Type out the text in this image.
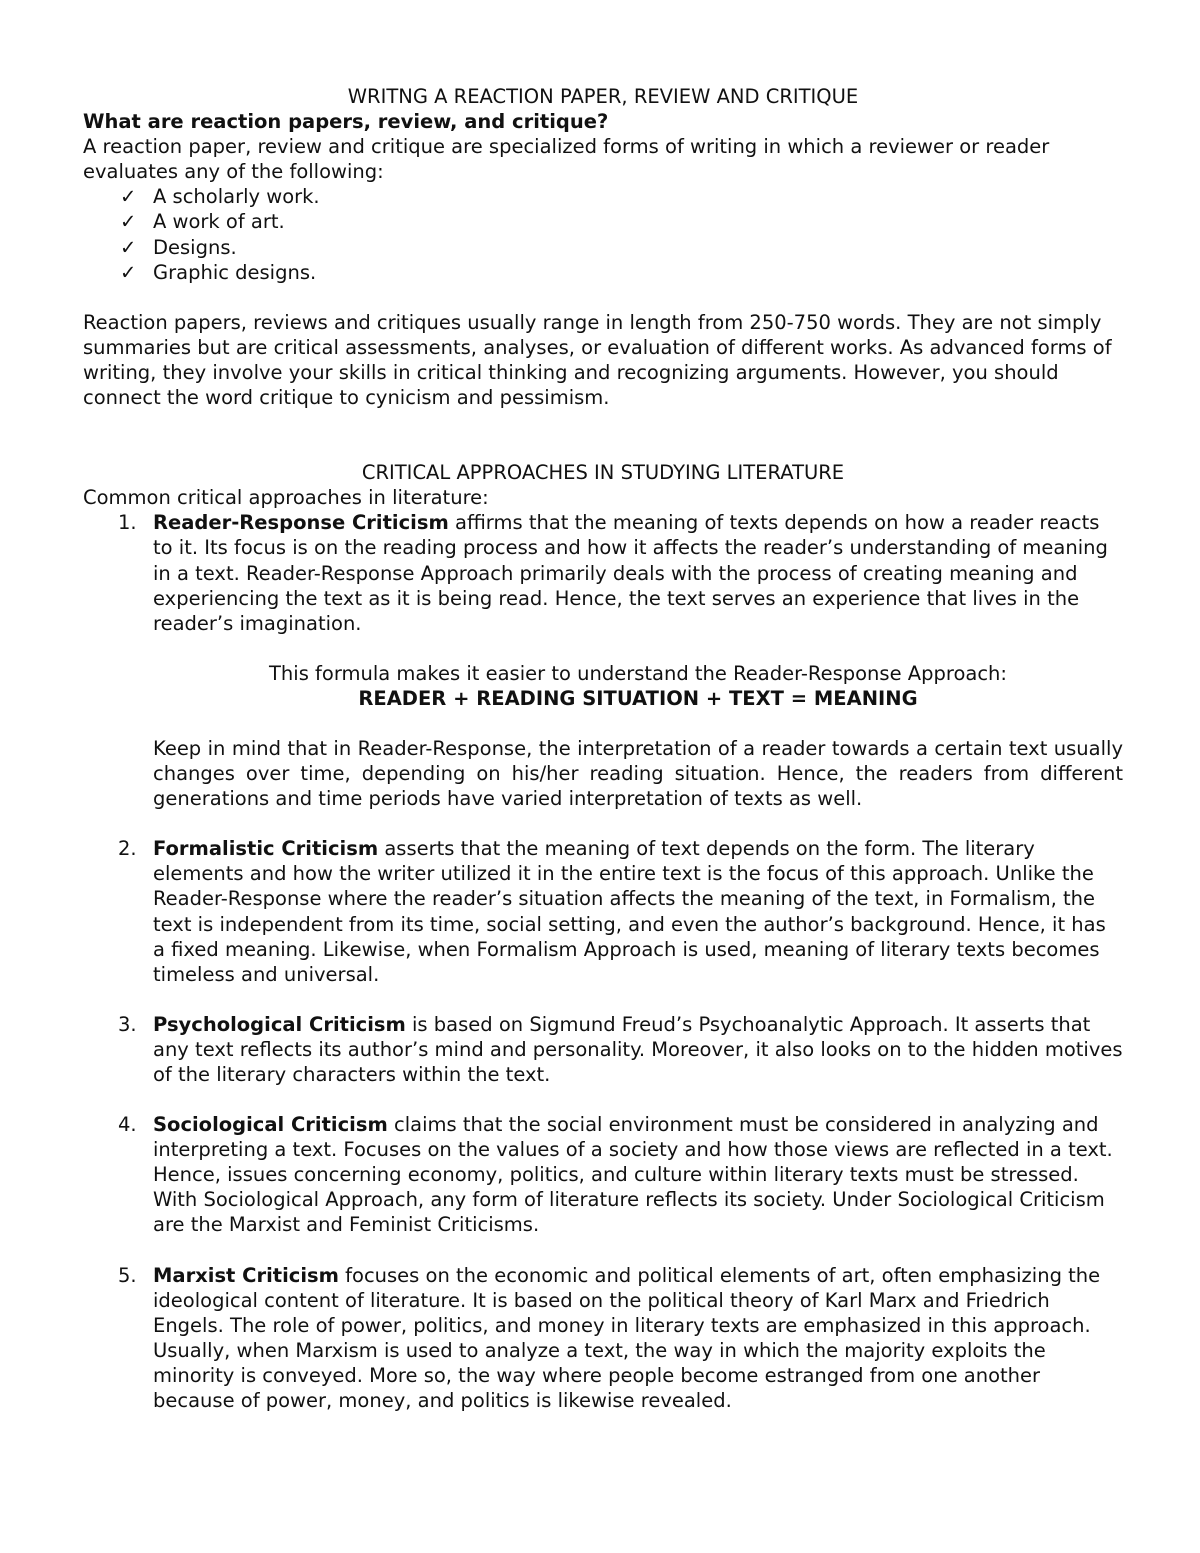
WRITNG A REACTION PAPER, REVIEW AND CRITIQUE

What are reaction papers, review, and critique?

A reaction paper, review and critique are specialized forms of writing in which a reviewer or reader evaluates any of the following:

✓ A scholarly work.
✓ A work of art.
✓ Designs.
✓ Graphic designs.

Reaction papers, reviews and critiques usually range in length from 250-750 words. They are not simply summaries but are critical assessments, analyses, or evaluation of different works. As advanced forms of writing, they involve your skills in critical thinking and recognizing arguments. However, you should connect the word critique to cynicism and pessimism.

CRITICAL APPROACHES IN STUDYING LITERATURE

Common critical approaches in literature:

1. Reader-Response Criticism affirms that the meaning of texts depends on how a reader reacts to it. Its focus is on the reading process and how it affects the reader’s understanding of meaning in a text. Reader-Response Approach primarily deals with the process of creating meaning and experiencing the text as it is being read. Hence, the text serves an experience that lives in the reader’s imagination.

This formula makes it easier to understand the Reader-Response Approach:

READER + READING SITUATION + TEXT = MEANING

Keep in mind that in Reader-Response, the interpretation of a reader towards a certain text usually changes over time, depending on his/her reading situation. Hence, the readers from different generations and time periods have varied interpretation of texts as well.

2. Formalistic Criticism asserts that the meaning of text depends on the form. The literary elements and how the writer utilized it in the entire text is the focus of this approach. Unlike the Reader-Response where the reader’s situation affects the meaning of the text, in Formalism, the text is independent from its time, social setting, and even the author’s background. Hence, it has a fixed meaning. Likewise, when Formalism Approach is used, meaning of literary texts becomes timeless and universal.

3. Psychological Criticism is based on Sigmund Freud’s Psychoanalytic Approach. It asserts that any text reflects its author’s mind and personality. Moreover, it also looks on to the hidden motives of the literary characters within the text.

4. Sociological Criticism claims that the social environment must be considered in analyzing and interpreting a text. Focuses on the values of a society and how those views are reflected in a text. Hence, issues concerning economy, politics, and culture within literary texts must be stressed. With Sociological Approach, any form of literature reflects its society. Under Sociological Criticism are the Marxist and Feminist Criticisms.

5. Marxist Criticism focuses on the economic and political elements of art, often emphasizing the ideological content of literature. It is based on the political theory of Karl Marx and Friedrich Engels. The role of power, politics, and money in literary texts are emphasized in this approach. Usually, when Marxism is used to analyze a text, the way in which the majority exploits the minority is conveyed. More so, the way where people become estranged from one another because of power, money, and politics is likewise revealed.
